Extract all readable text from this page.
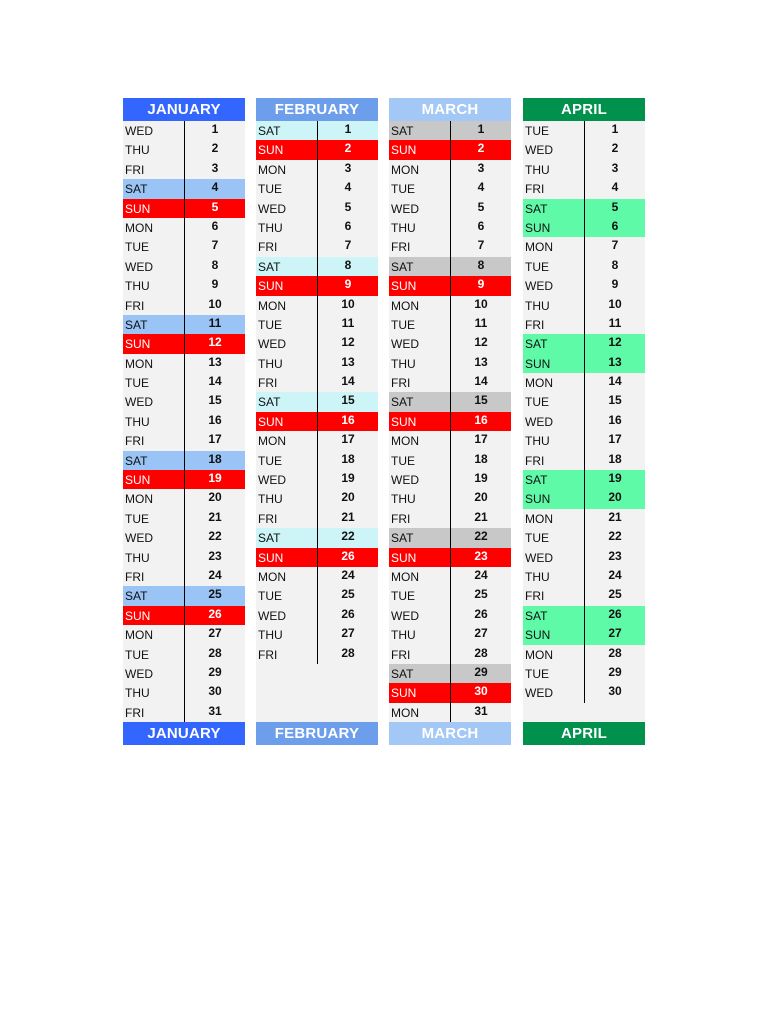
JANUARY
WED	1
THU	2
FRI	3
SAT	4
SUN	5
MON	6
TUE	7
WED	8
THU	9
FRI	10
SAT	11
SUN	12
MON	13
TUE	14
WED	15
THU	16
FRI	17
SAT	18
SUN	19
MON	20
TUE	21
WED	22
THU	23
FRI	24
SAT	25
SUN	26
MON	27
TUE	28
WED	29
THU	30
FRI	31
JANUARY
FEBRUARY
SAT	1
SUN	2
MON	3
TUE	4
WED	5
THU	6
FRI	7
SAT	8
SUN	9
MON	10
TUE	11
WED	12
THU	13
FRI	14
SAT	15
SUN	16
MON	17
TUE	18
WED	19
THU	20
FRI	21
SAT	22
SUN	26
MON	24
TUE	25
WED	26
THU	27
FRI	28
FEBRUARY
MARCH
SAT	1
SUN	2
MON	3
TUE	4
WED	5
THU	6
FRI	7
SAT	8
SUN	9
MON	10
TUE	11
WED	12
THU	13
FRI	14
SAT	15
SUN	16
MON	17
TUE	18
WED	19
THU	20
FRI	21
SAT	22
SUN	23
MON	24
TUE	25
WED	26
THU	27
FRI	28
SAT	29
SUN	30
MON	31
MARCH
APRIL
TUE	1
WED	2
THU	3
FRI	4
SAT	5
SUN	6
MON	7
TUE	8
WED	9
THU	10
FRI	11
SAT	12
SUN	13
MON	14
TUE	15
WED	16
THU	17
FRI	18
SAT	19
SUN	20
MON	21
TUE	22
WED	23
THU	24
FRI	25
SAT	26
SUN	27
MON	28
TUE	29
WED	30
APRIL
